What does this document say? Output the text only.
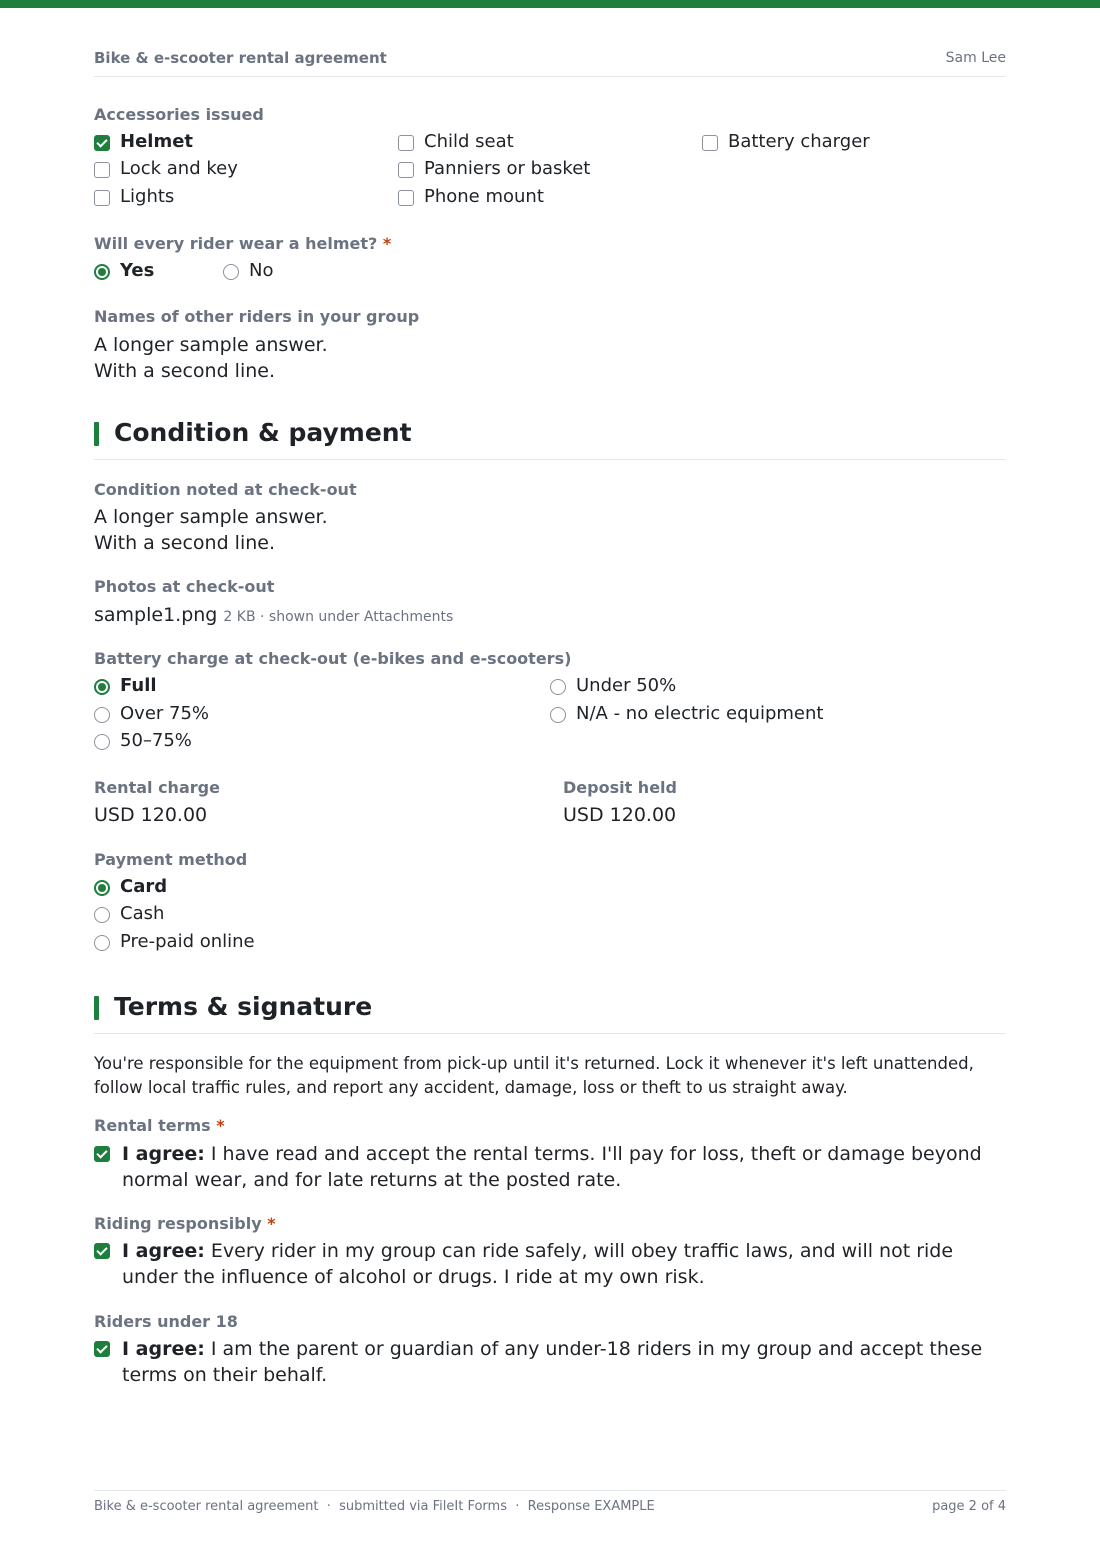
Bike & e-scooter rental agreement	Sam Lee
Accessories issued
Helmet
Lock and key
Lights
Child seat
Panniers or basket
Phone mount
Battery charger
Will every rider wear a helmet? *
Yes	No
Names of other riders in your group
A longer sample answer.
With a second line.
Condition & payment
Condition noted at check-out
A longer sample answer.
With a second line.
Photos at check-out
sample1.png 2 KB · shown under Attachments
Battery charge at check-out (e-bikes and e-scooters)
Full
Over 75%
50–75%
Under 50%
N/A - no electric equipment
Rental charge
USD 120.00
Deposit held
USD 120.00
Payment method
Card
Cash
Pre-paid online
Terms & signature
You're responsible for the equipment from pick-up until it's returned. Lock it whenever it's left unattended, follow local traffic rules, and report any accident, damage, loss or theft to us straight away.
Rental terms *
I agree: I have read and accept the rental terms. I'll pay for loss, theft or damage beyond normal wear, and for late returns at the posted rate.
Riding responsibly *
I agree: Every rider in my group can ride safely, will obey traffic laws, and will not ride under the influence of alcohol or drugs. I ride at my own risk.
Riders under 18
I agree: I am the parent or guardian of any under-18 riders in my group and accept these terms on their behalf.
Bike & e-scooter rental agreement  ·  submitted via FileIt Forms  ·  Response EXAMPLE	page 2 of 4
